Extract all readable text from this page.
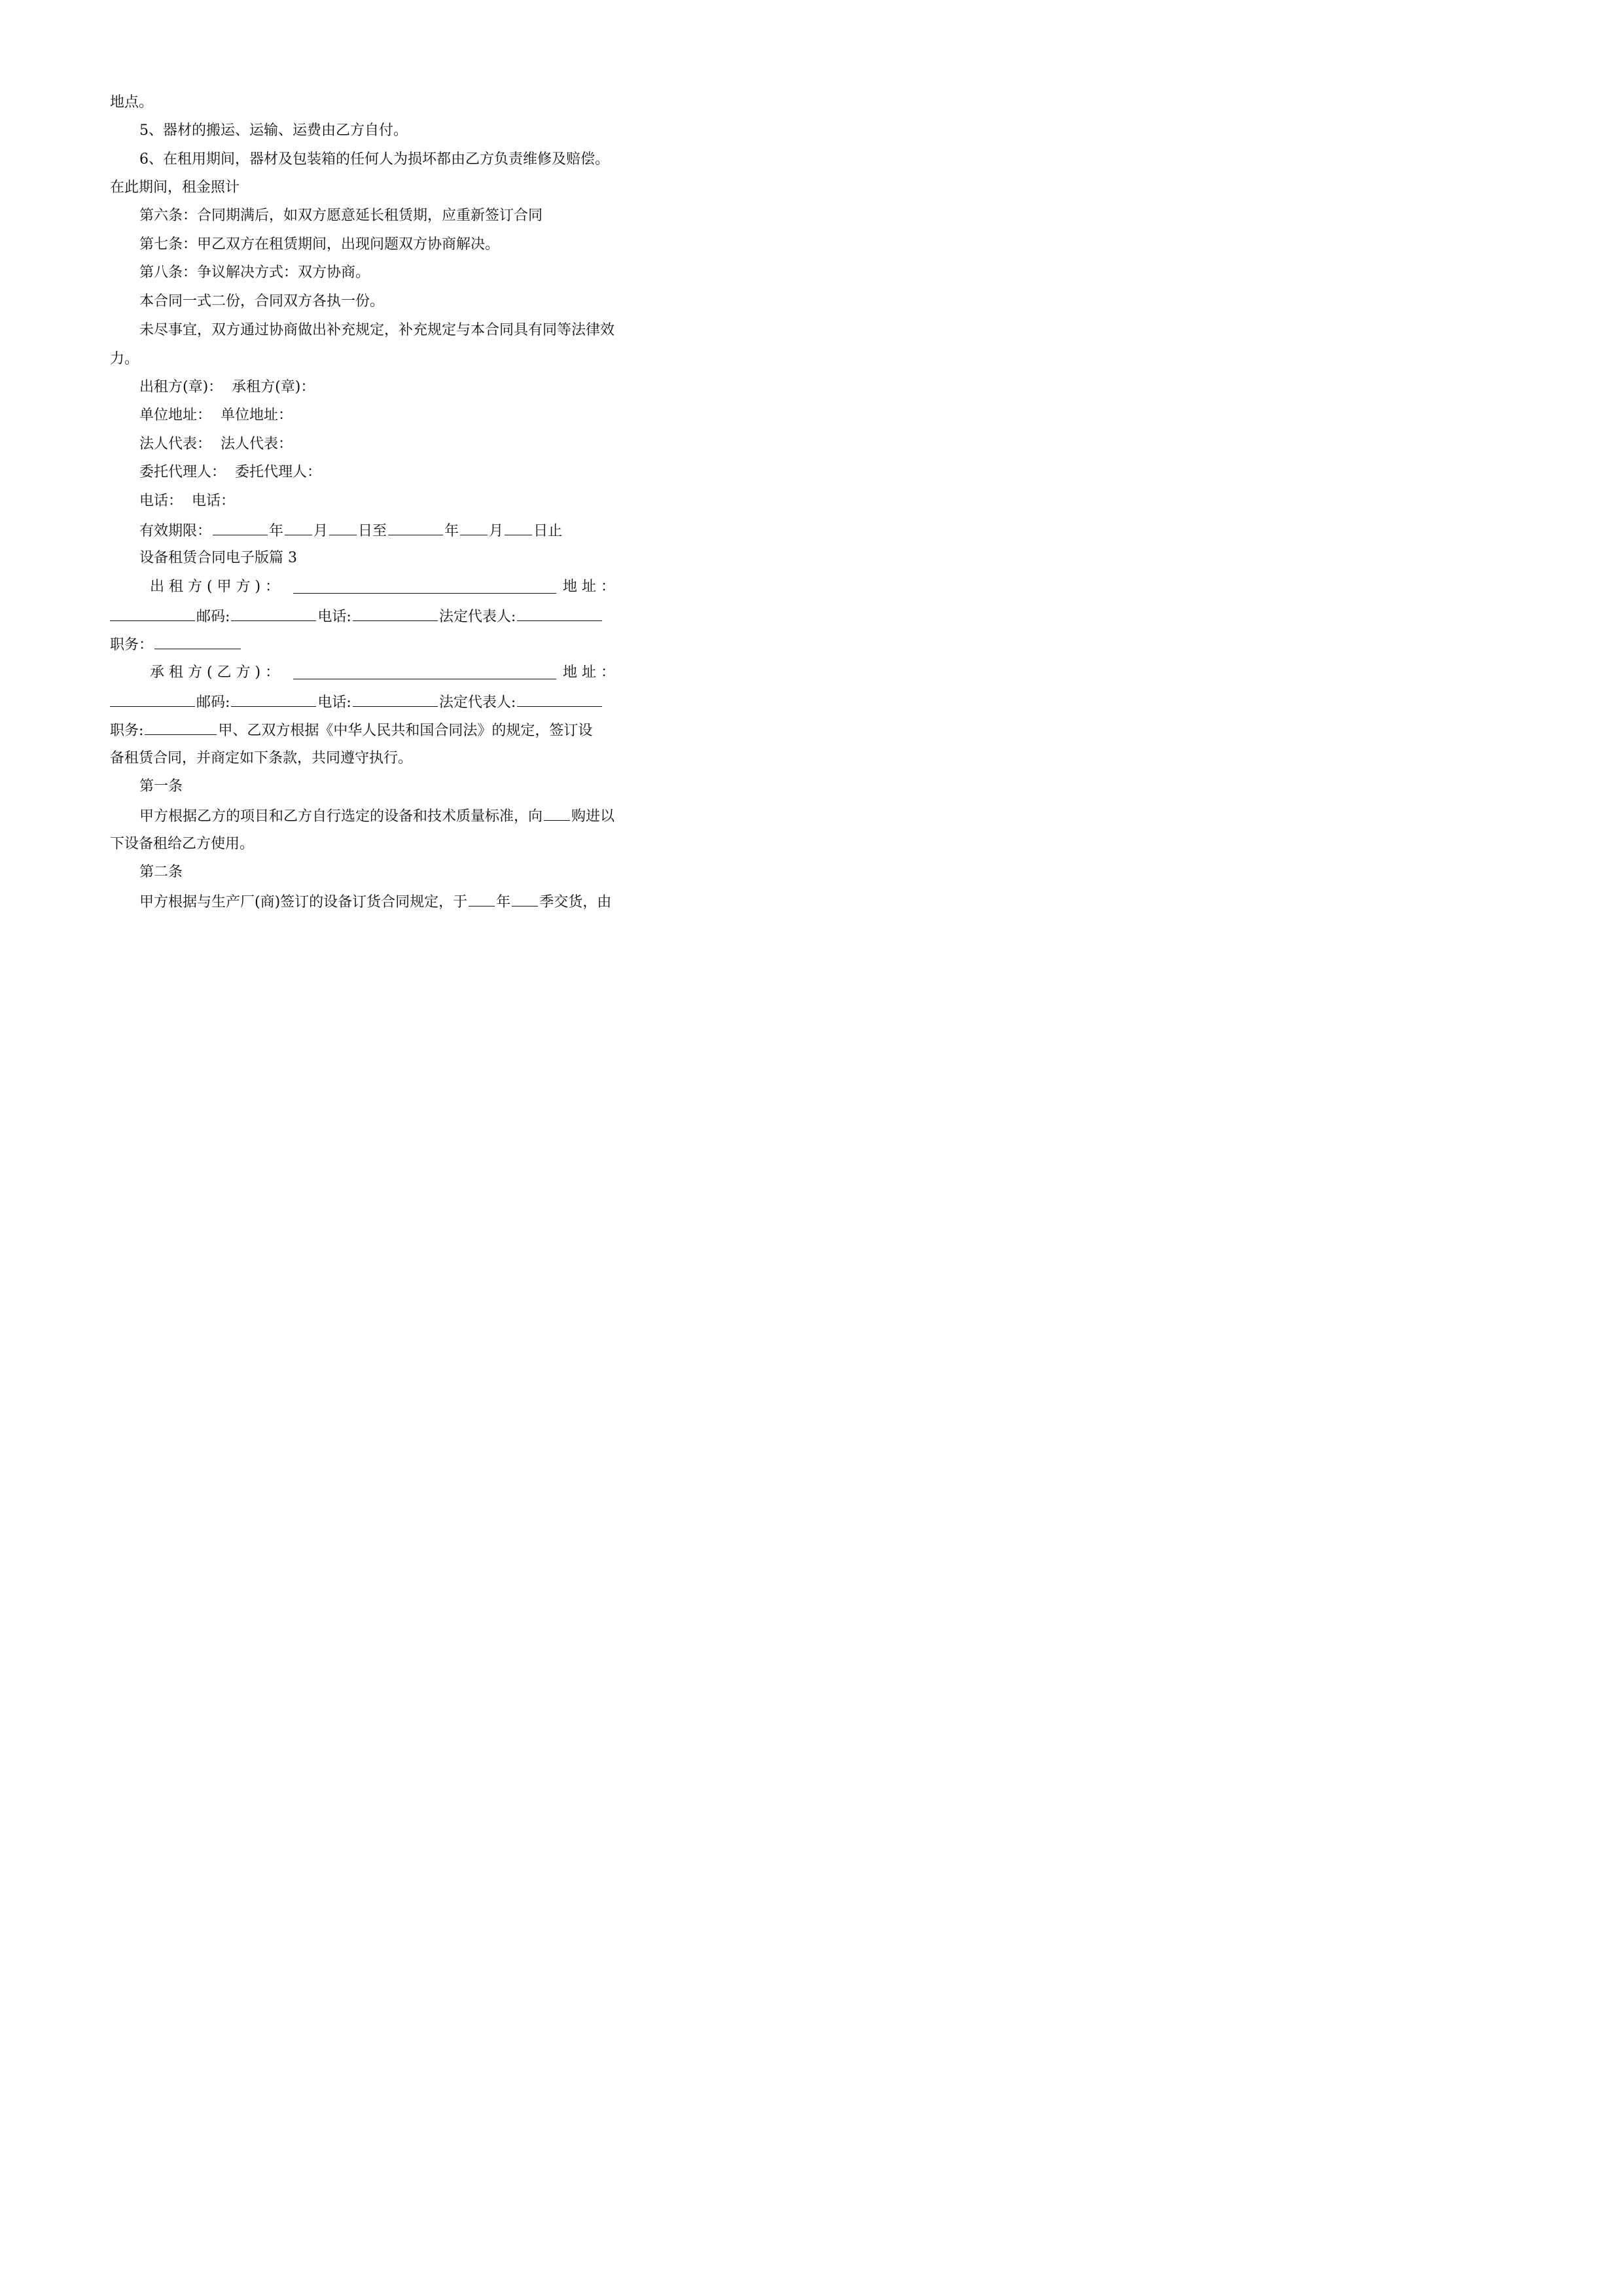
地点。
5、器材的搬运、运输、运费由乙方自付。
6、在租用期间，器材及包装箱的任何人为损坏都由乙方负责维修及赔偿。
在此期间，租金照计
第六条：合同期满后，如双方愿意延长租赁期，应重新签订合同
第七条：甲乙双方在租赁期间，出现问题双方协商解决。
第八条：争议解决方式：双方协商。
本合同一式二份，合同双方各执一份。
未尽事宜，双方通过协商做出补充规定，补充规定与本合同具有同等法律效
力。
出租方(章)：  承租方(章)：
单位地址：  单位地址：
法人代表：  法人代表：
委托代理人：  委托代理人：
电话：  电话：
有效期限：	年 月 日至	年 月 日止
设备租赁合同电子版篇 3
出 租 方 ( 甲 方 ) ：	地 址 ：
邮码:	电话:	法定代表人:
职务：
承 租 方 ( 乙 方 ) ：	地 址 ：
邮码:	电话:	法定代表人:
职务:	甲、乙双方根据《中华人民共和国合同法》的规定，签订设
备租赁合同，并商定如下条款，共同遵守执行。
第一条
甲方根据乙方的项目和乙方自行选定的设备和技术质量标准，向 购进以
下设备租给乙方使用。
第二条
甲方根据与生产厂(商)签订的设备订货合同规定，于 年 季交货，由
